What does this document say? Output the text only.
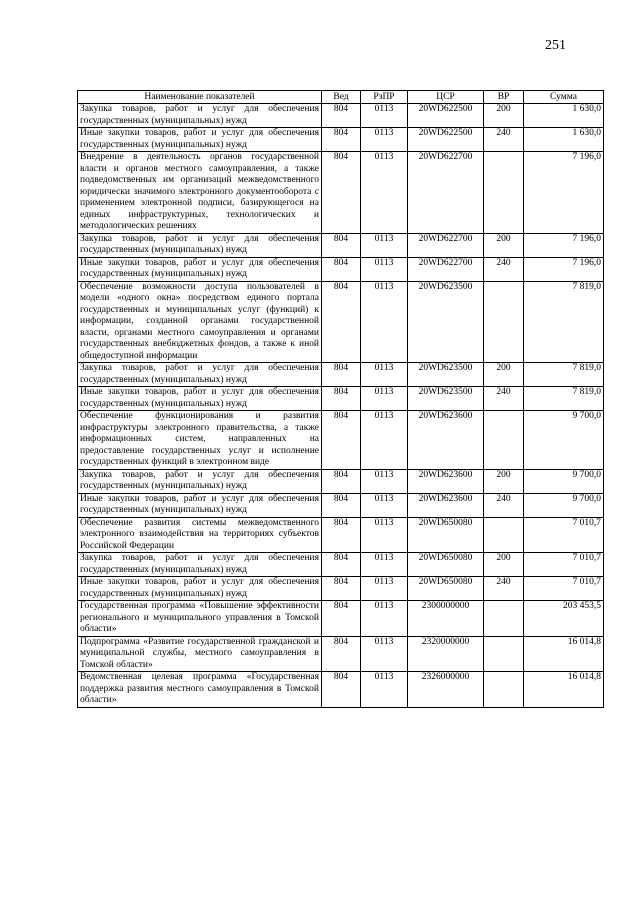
251
Наименование показателей	Вед	РзПР	ЦСР	ВР	Сумма
Закупка товаров, работ и услуг для обеспечения государственных (муниципальных) нужд	804	0113	20WD622500	200	1 630,0
Иные закупки товаров, работ и услуг для обеспечения государственных (муниципальных) нужд	804	0113	20WD622500	240	1 630,0
Внедрение в деятельность органов государственной власти и органов местного самоуправления, а также подведомственных им организаций межведомственного юридически значимого электронного документооборота с применением электронной подписи, базирующегося на единых инфраструктурных, технологических и методологических решениях	804	0113	20WD622700		7 196,0
Закупка товаров, работ и услуг для обеспечения государственных (муниципальных) нужд	804	0113	20WD622700	200	7 196,0
Иные закупки товаров, работ и услуг для обеспечения государственных (муниципальных) нужд	804	0113	20WD622700	240	7 196,0
Обеспечение возможности доступа пользователей в модели «одного окна» посредством единого портала государственных и муниципальных услуг (функций) к информации, созданной органами государственной власти, органами местного самоуправления и органами государственных внебюджетных фондов, а также к иной общедоступной информации	804	0113	20WD623500		7 819,0
Закупка товаров, работ и услуг для обеспечения государственных (муниципальных) нужд	804	0113	20WD623500	200	7 819,0
Иные закупки товаров, работ и услуг для обеспечения государственных (муниципальных) нужд	804	0113	20WD623500	240	7 819,0
Обеспечение функционирования и развития инфраструктуры электронного правительства, а также информационных систем, направленных на предоставление государственных услуг и исполнение государственных функций в электронном виде	804	0113	20WD623600		9 700,0
Закупка товаров, работ и услуг для обеспечения государственных (муниципальных) нужд	804	0113	20WD623600	200	9 700,0
Иные закупки товаров, работ и услуг для обеспечения государственных (муниципальных) нужд	804	0113	20WD623600	240	9 700,0
Обеспечение развития системы межведомственного электронного взаимодействия на территориях субъектов Российской Федерации	804	0113	20WD650080		7 010,7
Закупка товаров, работ и услуг для обеспечения государственных (муниципальных) нужд	804	0113	20WD650080	200	7 010,7
Иные закупки товаров, работ и услуг для обеспечения государственных (муниципальных) нужд	804	0113	20WD650080	240	7 010,7
Государственная программа «Повышение эффективности регионального и муниципального управления в Томской области»	804	0113	2300000000		203 453,5
Подпрограмма «Развитие государственной гражданской и муниципальной службы, местного самоуправления в Томской области»	804	0113	2320000000		16 014,8
Ведомственная целевая программа «Государственная поддержка развития местного самоуправления в Томской области»	804	0113	2326000000		16 014,8
